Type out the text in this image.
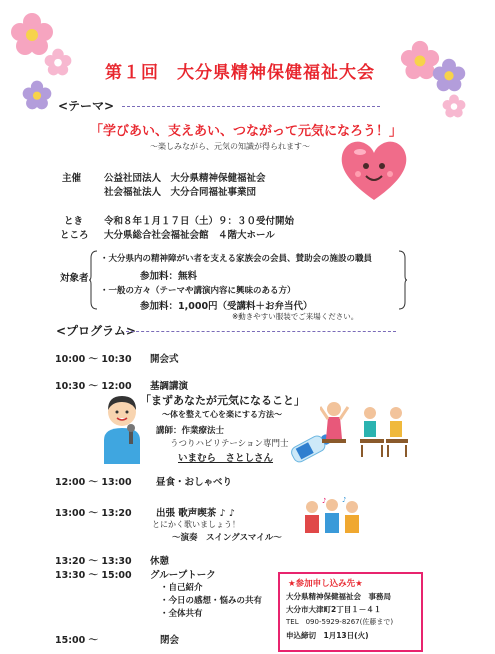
第１回　大分県精神保健福祉大会
<テーマ>
「学びあい、支えあい、つながって元気になろう！」
～楽しみながら、元気の知識が得られます～
主催 公益社団法人　大分県精神保健福祉会
社会福祉法人　大分合同福祉事業団
とき 令和８年１月１７日（土）９：３０受付開始
ところ 大分県総合社会福祉会館　４階大ホール
対象者
・大分県内の精神障がい者を支える家族会の会員、賛助会の施設の職員
参加料：無料
・一般の方々（テーマや講演内容に興味のある方）
参加料：1,000円（受講料＋お弁当代）
※動きやすい服装でご来場ください。
<プログラム>
10:00 ～ 10:30 開会式
10:30 ～ 12:00 基調講演
「まずあなたが元気になること」
～体を整えて心を楽にする方法～
講師：作業療法士
うつりハビリテーション専門士
いまむら　さとしさん
12:00 ～ 13:00	昼食・おしゃべり
13:00 ～ 13:20	出張 歌声喫茶 ♪ ♪
とにかく歌いましょう！
～演奏　スイングスマイル～
♪ ♪
13:20 ～ 13:30 休憩
13:30 ～ 15:00 グループトーク
・自己紹介
・今日の感想・悩みの共有
・全体共有
15:00 ～	閉会
★参加申し込み先★
大分県精神保健福祉会　事務局
大分市大津町2丁目１－４１
TEL　090-5929-8267(佐藤まで)
申込締切　1月13日(火)
